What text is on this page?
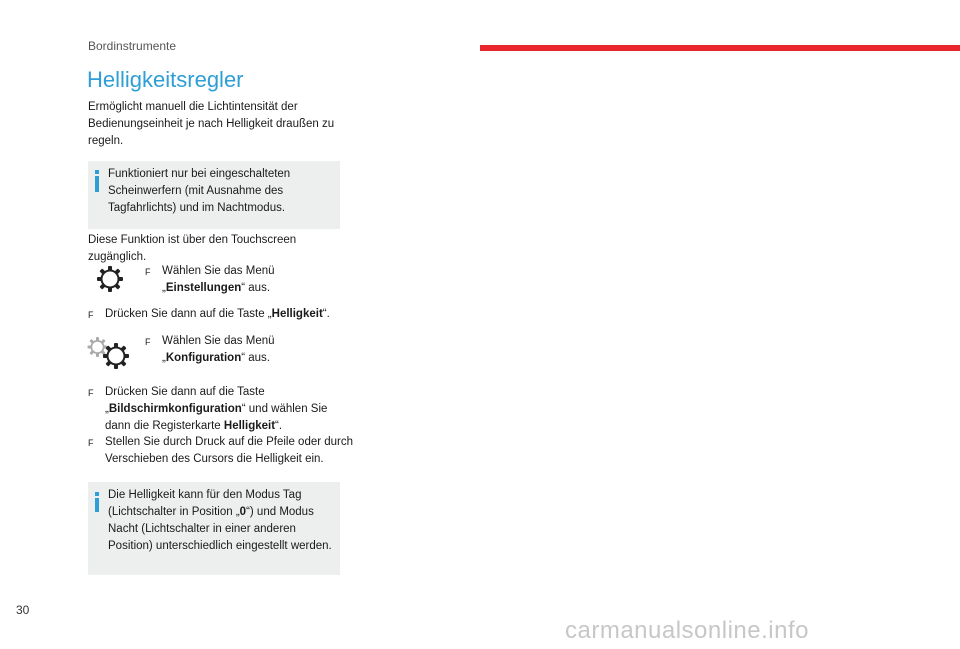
Bordinstrumente
Helligkeitsregler
Ermöglicht manuell die Lichtintensität der Bedienungseinheit je nach Helligkeit draußen zu regeln.
Funktioniert nur bei eingeschalteten Scheinwerfern (mit Ausnahme des Tagfahrlichts) und im Nachtmodus.
Diese Funktion ist über den Touchscreen zugänglich.
F Wählen Sie das Menü
„Einstellungen“ aus.
F Drücken Sie dann auf die Taste „Helligkeit“.
F Wählen Sie das Menü
„Konfiguration“ aus.
F Drücken Sie dann auf die Taste
„Bildschirmkonfiguration“ und wählen Sie
dann die Registerkarte Helligkeit“.
F Stellen Sie durch Druck auf die Pfeile oder durch
Verschieben des Cursors die Helligkeit ein.
Die Helligkeit kann für den Modus Tag
(Lichtschalter in Position „0“) und Modus
Nacht (Lichtschalter in einer anderen
Position) unterschiedlich eingestellt werden.
30
carmanualsonline.info
